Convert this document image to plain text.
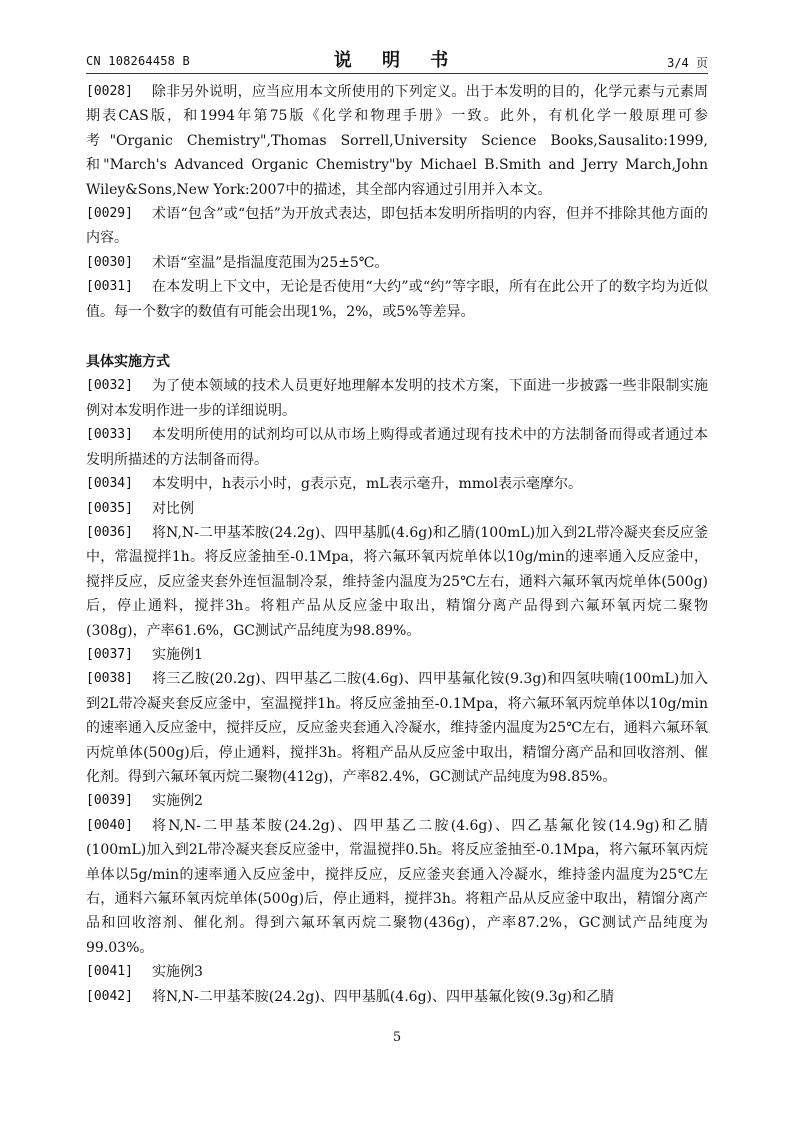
CN 108264458 B	说 明 书	3/4 页
[0028]	除非另外说明，应当应用本文所使用的下列定义。出于本发明的目的，化学元素与元素周期表CAS版，和1994年第75版《化学和物理手册》一致。此外，有机化学一般原理可参考"Organic Chemistry",Thomas Sorrell,University Science Books,Sausalito:1999,和"March's Advanced Organic Chemistry"by Michael B.Smith and Jerry March,John Wiley&Sons,New York:2007中的描述，其全部内容通过引用并入本文。
[0029]	术语“包含”或“包括”为开放式表达，即包括本发明所指明的内容，但并不排除其他方面的内容。
[0030]	术语“室温”是指温度范围为25±5℃。
[0031]	在本发明上下文中，无论是否使用“大约”或“约”等字眼，所有在此公开了的数字均为近似值。每一个数字的数值有可能会出现1%，2%，或5%等差异。
具体实施方式
[0032]	为了使本领域的技术人员更好地理解本发明的技术方案，下面进一步披露一些非限制实施例对本发明作进一步的详细说明。
[0033]	本发明所使用的试剂均可以从市场上购得或者通过现有技术中的方法制备而得或者通过本发明所描述的方法制备而得。
[0034]	本发明中，h表示小时，g表示克，mL表示毫升，mmol表示毫摩尔。
[0035]	对比例
[0036]	将N,N-二甲基苯胺(24.2g)、四甲基胍(4.6g)和乙腈(100mL)加入到2L带冷凝夹套反应釜中，常温搅拌1h。将反应釜抽至-0.1Mpa，将六氟环氧丙烷单体以10g/min的速率通入反应釜中，搅拌反应，反应釜夹套外连恒温制冷泵，维持釜内温度为25℃左右，通料六氟环氧丙烷单体(500g)后，停止通料，搅拌3h。将粗产品从反应釜中取出，精馏分离产品得到六氟环氧丙烷二聚物(308g)，产率61.6%，GC测试产品纯度为98.89%。
[0037]	实施例1
[0038]	将三乙胺(20.2g)、四甲基乙二胺(4.6g)、四甲基氟化铵(9.3g)和四氢呋喃(100mL)加入到2L带冷凝夹套反应釜中，室温搅拌1h。将反应釜抽至-0.1Mpa，将六氟环氧丙烷单体以10g/min的速率通入反应釜中，搅拌反应，反应釜夹套通入冷凝水，维持釜内温度为25℃左右，通料六氟环氧丙烷单体(500g)后，停止通料，搅拌3h。将粗产品从反应釜中取出，精馏分离产品和回收溶剂、催化剂。得到六氟环氧丙烷二聚物(412g)，产率82.4%，GC测试产品纯度为98.85%。
[0039]	实施例2
[0040]	将N,N-二甲基苯胺(24.2g)、四甲基乙二胺(4.6g)、四乙基氟化铵(14.9g)和乙腈(100mL)加入到2L带冷凝夹套反应釜中，常温搅拌0.5h。将反应釜抽至-0.1Mpa，将六氟环氧丙烷单体以5g/min的速率通入反应釜中，搅拌反应，反应釜夹套通入冷凝水，维持釜内温度为25℃左右，通料六氟环氧丙烷单体(500g)后，停止通料，搅拌3h。将粗产品从反应釜中取出，精馏分离产品和回收溶剂、催化剂。得到六氟环氧丙烷二聚物(436g)，产率87.2%，GC测试产品纯度为99.03%。
[0041]	实施例3
[0042]	将N,N-二甲基苯胺(24.2g)、四甲基胍(4.6g)、四甲基氟化铵(9.3g)和乙腈
5
